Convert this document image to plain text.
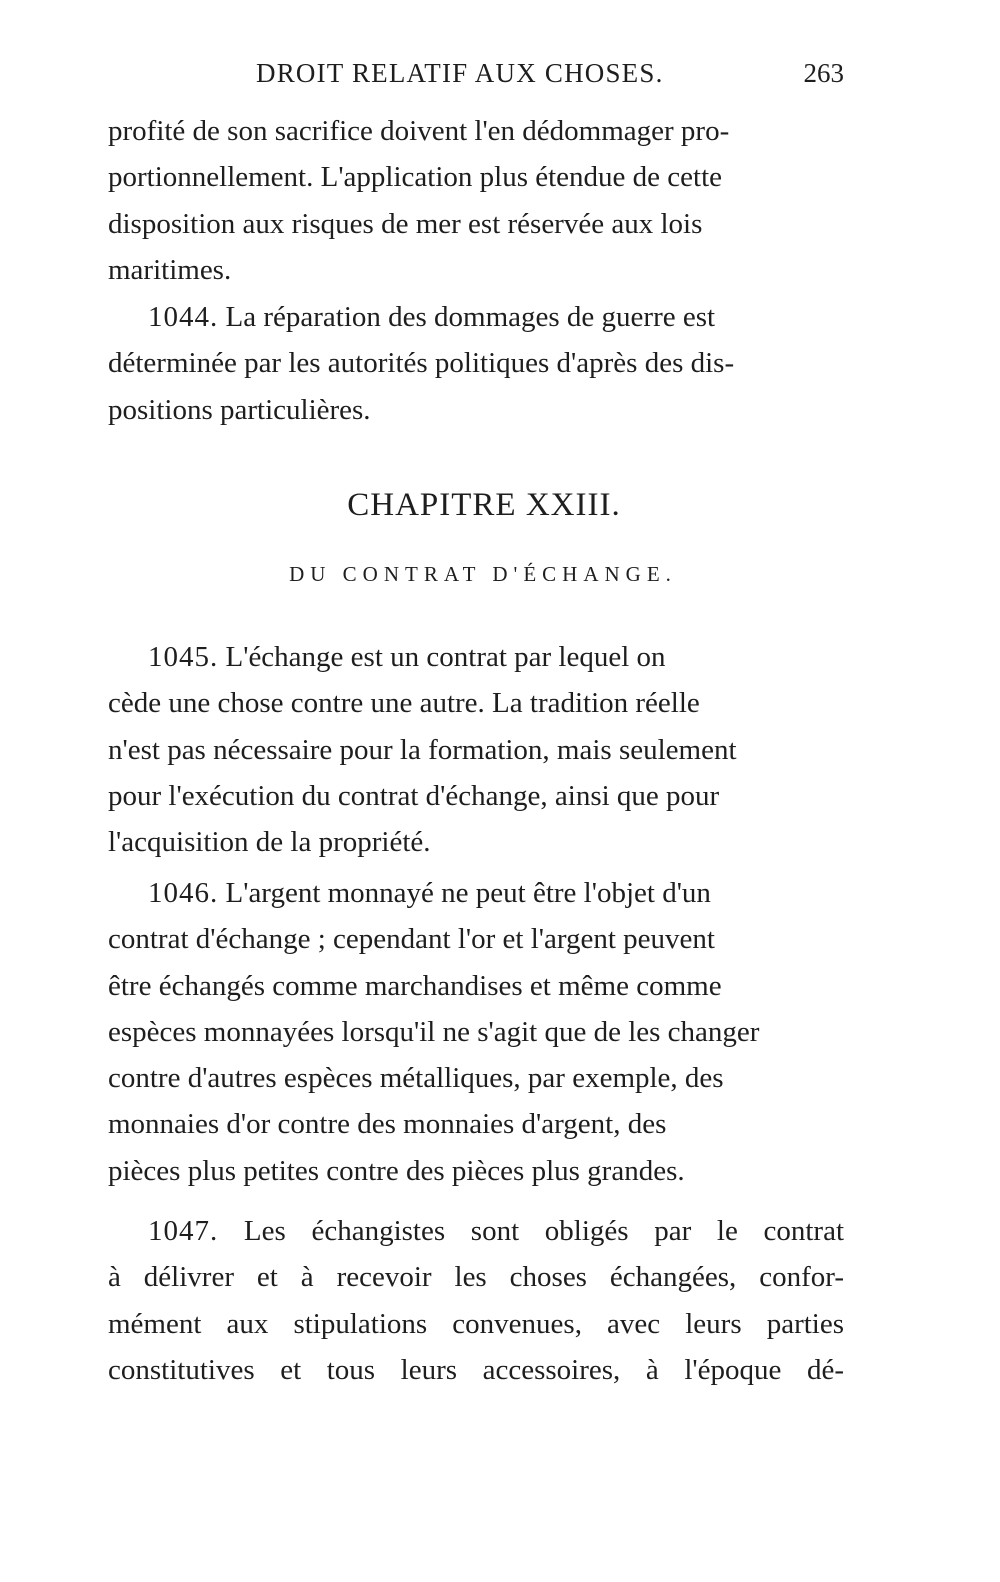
DROIT RELATIF AUX CHOSES.	263

profité de son sacrifice doivent l'en dédommager pro-
portionnellement. L'application plus étendue de cette
disposition aux risques de mer est réservée aux lois
maritimes.

1044. La réparation des dommages de guerre est
déterminée par les autorités politiques d'après des dis-
positions particulières.

CHAPITRE XXIII.
DU CONTRAT D'ÉCHANGE.

1045. L'échange est un contrat par lequel on
cède une chose contre une autre. La tradition réelle
n'est pas nécessaire pour la formation, mais seulement
pour l'exécution du contrat d'échange, ainsi que pour
l'acquisition de la propriété.

1046. L'argent monnayé ne peut être l'objet d'un
contrat d'échange ; cependant l'or et l'argent peuvent
être échangés comme marchandises et même comme
espèces monnayées lorsqu'il ne s'agit que de les changer
contre d'autres espèces métalliques, par exemple, des
monnaies d'or contre des monnaies d'argent, des
pièces plus petites contre des pièces plus grandes.

1047. Les échangistes sont obligés par le contrat
à délivrer et à recevoir les choses échangées, confor-
mément aux stipulations convenues, avec leurs parties
constitutives et tous leurs accessoires, à l'époque dé-
